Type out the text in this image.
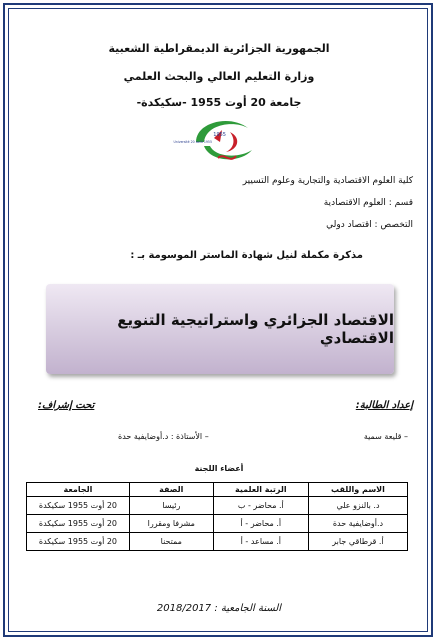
الجمهورية الجزائرية الديمقراطية الشعبية
وزارة التعليم العالي والبحث العلمي
جامعة 20 أوت 1955 -سكيكدة-
1955
Université 20 août 1955
كلية العلوم الاقتصادية والتجارية وعلوم التسيير
قسم : العلوم الاقتصادية
التخصص : اقتصاد دولي
مذكرة مكملة لنيل شهادة الماستر الموسومة بـ :
الاقتصاد الجزائري واستراتيجية التنويع الاقتصادي
إعداد الطالبة:
تحت إشراف:
– قليعة سمية
– الأستاذة : د.أوضايفية حدة
أعضاء اللجنة
الاسم واللقب	الرتبة العلمية	الصفة	الجامعة
د. بالنزو علي	أ. محاضر - ب	رئيسا	20 أوت 1955 سكيكدة
د.أوضايفية حدة	أ. محاضر - أ	مشرفا ومقررا	20 أوت 1955 سكيكدة
أ. قرطاقي جابر	أ. مساعد - أ	ممتحنا	20 أوت 1955 سكيكدة
السنة الجامعية : 2018/2017
